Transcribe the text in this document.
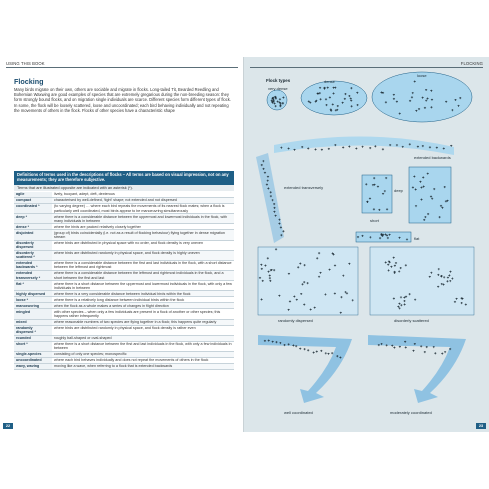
USING THIS BOOK
Flocking
Many birds migrate on their own, others are sociable and migrate in flocks. Long-tailed Tit, Bearded Reedling and Bohemian Waxwing are good examples of species that are extremely gregarious during the non-breeding season: they form strongly bound flocks, and on migration single individuals are scarce. Different species form different types of flock. In some, the flock will be loosely scattered, loose and uncoordinated; each bird behaving individually and not repeating the movements of others in the flock. Flocks of other species have a characteristic shape
Definitions of terms used in the descriptions of flocks – All terms are based on visual impression, not on any measurements; they are therefore subjective.
Terms that are illustrated opposite are indicated with an asterisk (*).
agile	lively, buoyant, adept, deft, dexterous
compact	characterised by well-defined, 'tight' shape; not extended and not dispersed
coordinated *	(to varying degree) … where each bird repeats the movements of its nearest flock mates; when a flock is particularly well coordinated, most birds appear to be manoeuvring simultaneously
deep *	where there is a considerable distance between the uppermost and lowermost individuals in the flock, with many individuals in between
dense *	where the birds are packed relatively closely together
disjointed	(group of) birds coincidentally (i.e. not as a result of flocking behaviour) flying together in dense migration stream
disorderly dispersed	where birds are distributed in physical space with no order, and flock density is very uneven
disorderly scattered *	where birds are distributed randomly in physical space, and flock density is highly uneven
extended backwards *	where there is a considerable distance between the first and last individuals in the flock, with a short distance between the leftmost and rightmost
extended transversely *	where there is a considerable distance between the leftmost and rightmost individuals in the flock, and a short between the first and last
flat *	where there is a short distance between the uppermost and lowermost individuals in the flock, with only a few individuals in between
highly dispersed	where there is a very considerable distance between individual birds within the flock
loose *	where there is a relatively long distance between individual birds within the flock
manoeuvring	when the flock as a whole makes a series of changes in flight direction
mingled	with other species – when only a few individuals are present in a flock of another or other species; this happens rather infrequently
mixed	where reasonable numbers of two species are flying together in a flock; this happens quite regularly
randomly dispersed *	where birds are distributed randomly in physical space, and flock density is rather even
rounded	roughly ball-shaped or oval-shaped
short *	where there is a short distance between the first and last individuals in the flock, with only a few individuals in between
single-species	consisting of only one species; monospecific
uncoordinated	where each bird behaves individually and does not repeat the movements of others in the flock
wavy, waving	moving like a wave, when referring to a flock that is extended backwards
22
FLOCKING
Flock types
very dense
dense
loose
extended backwards
extended transversely
deep
short
flat
randomly dispersed	disorderly scattered
well coordinated	moderately coordinated
23
